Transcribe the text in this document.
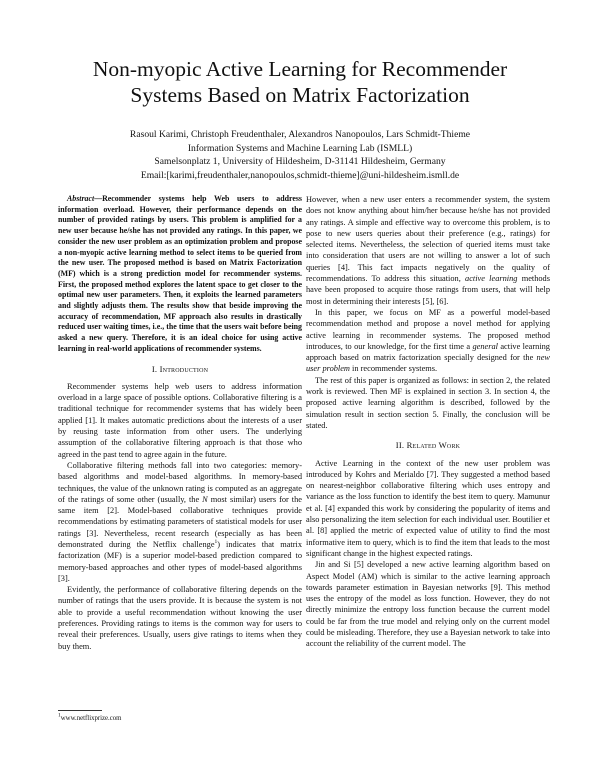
Non-myopic Active Learning for Recommender
Systems Based on Matrix Factorization
Rasoul Karimi, Christoph Freudenthaler, Alexandros Nanopoulos, Lars Schmidt-Thieme
Information Systems and Machine Learning Lab (ISMLL)
Samelsonplatz 1, University of Hildesheim, D-31141 Hildesheim, Germany
Email:[karimi,freudenthaler,nanopoulos,schmidt-thieme]@uni-hildesheim.ismll.de

Abstract—Recommender systems help Web users to address information overload. However, their performance depends on the number of provided ratings by users. This problem is amplified for a new user because he/she has not provided any ratings. In this paper, we consider the new user problem as an optimization problem and propose a non-myopic active learning method to select items to be queried from the new user. The proposed method is based on Matrix Factorization (MF) which is a strong prediction model for recommender systems. First, the proposed method explores the latent space to get closer to the optimal new user parameters. Then, it exploits the learned parameters and slightly adjusts them. The results show that beside improving the accuracy of recommendation, MF approach also results in drastically reduced user waiting times, i.e., the time that the users wait before being asked a new query. Therefore, it is an ideal choice for using active learning in real-world applications of recommender systems.

I. Introduction

Recommender systems help web users to address information overload in a large space of possible options. Collaborative filtering is a traditional technique for recommender systems that has widely been applied [1]. It makes automatic predictions about the interests of a user by reusing taste information from other users. The underlying assumption of the collaborative filtering approach is that those who agreed in the past tend to agree again in the future.

Collaborative filtering methods fall into two categories: memory-based algorithms and model-based algorithms. In memory-based techniques, the value of the unknown rating is computed as an aggregate of the ratings of some other (usually, the N most similar) users for the same item [2]. Model-based collaborative techniques provide recommendations by estimating parameters of statistical models for user ratings [3]. Nevertheless, recent research (especially as has been demonstrated during the Netflix challenge$^1$) indicates that matrix factorization (MF) is a superior model-based prediction compared to memory-based approaches and other types of model-based algorithms [3].

Evidently, the performance of collaborative filtering depends on the number of ratings that the users provide. It is because the system is not able to provide a useful recommendation without knowing the user preferences. Providing ratings to items is the common way for users to reveal their preferences. Usually, users give ratings to items when they buy them.

$^1$www.netflixprize.com

However, when a new user enters a recommender system, the system does not know anything about him/her because he/she has not provided any ratings. A simple and effective way to overcome this problem, is to pose to new users queries about their preference (e.g., ratings) for selected items. Nevertheless, the selection of queried items must take into consideration that users are not willing to answer a lot of such queries [4]. This fact impacts negatively on the quality of recommendations. To address this situation, active learning methods have been proposed to acquire those ratings from users, that will help most in determining their interests [5], [6].

In this paper, we focus on MF as a powerful model-based recommendation method and propose a novel method for applying active learning in recommender systems. The proposed method introduces, to our knowledge, for the first time a general active learning approach based on matrix factorization specially designed for the new user problem in recommender systems.

The rest of this paper is organized as follows: in section 2, the related work is reviewed. Then MF is explained in section 3. In section 4, the proposed active learning algorithm is described, followed by the simulation result in section section 5. Finally, the conclusion will be stated.

II. Related Work

Active Learning in the context of the new user problem was introduced by Kohrs and Merialdo [7]. They suggested a method based on nearest-neighbor collaborative filtering which uses entropy and variance as the loss function to identify the best item to query. Mamunur et al. [4] expanded this work by considering the popularity of items and also personalizing the item selection for each individual user. Boutilier et al. [8] applied the metric of expected value of utility to find the most informative item to query, which is to find the item that leads to the most significant change in the highest expected ratings.

Jin and Si [5] developed a new active learning algorithm based on Aspect Model (AM) which is similar to the active learning approach towards parameter estimation in Bayesian networks [9]. This method uses the entropy of the model as loss function. However, they do not directly minimize the entropy loss function because the current model could be far from the true model and relying only on the current model could be misleading. Therefore, they use a Bayesian network to take into account the reliability of the current model. The
